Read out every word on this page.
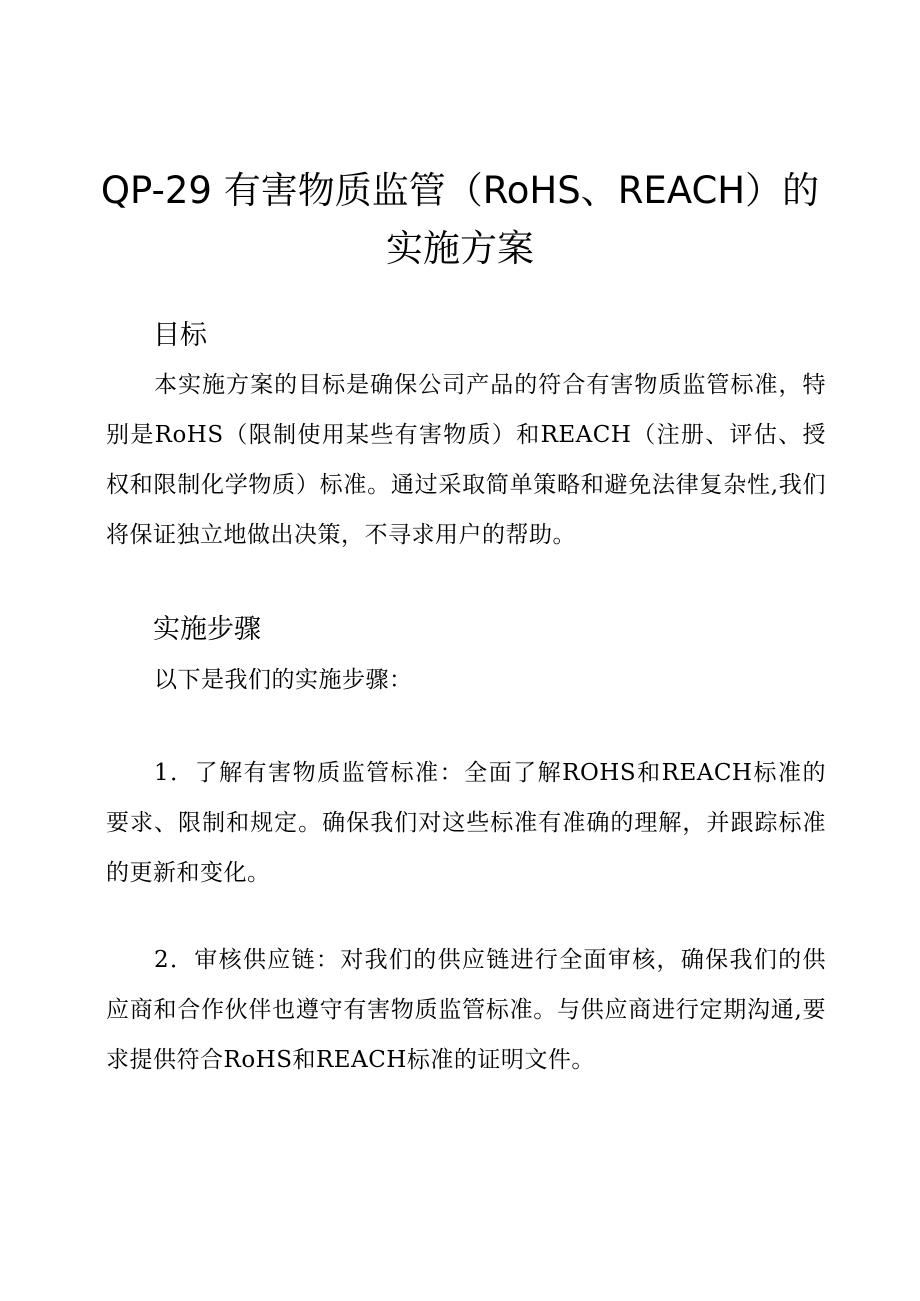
QP-29 有害物质监管（RoHS、REACH）的实施方案
目标

本实施方案的目标是确保公司产品的符合有害物质监管标准，特别是RoHS（限制使用某些有害物质）和REACH（注册、评估、授权和限制化学物质）标准。通过采取简单策略和避免法律复杂性,我们将保证独立地做出决策，不寻求用户的帮助。

实施步骤

以下是我们的实施步骤：

1．了解有害物质监管标准：全面了解ROHS和REACH标准的要求、限制和规定。确保我们对这些标准有准确的理解，并跟踪标准的更新和变化。

2．审核供应链：对我们的供应链进行全面审核，确保我们的供应商和合作伙伴也遵守有害物质监管标准。与供应商进行定期沟通,要求提供符合RoHS和REACH标准的证明文件。
